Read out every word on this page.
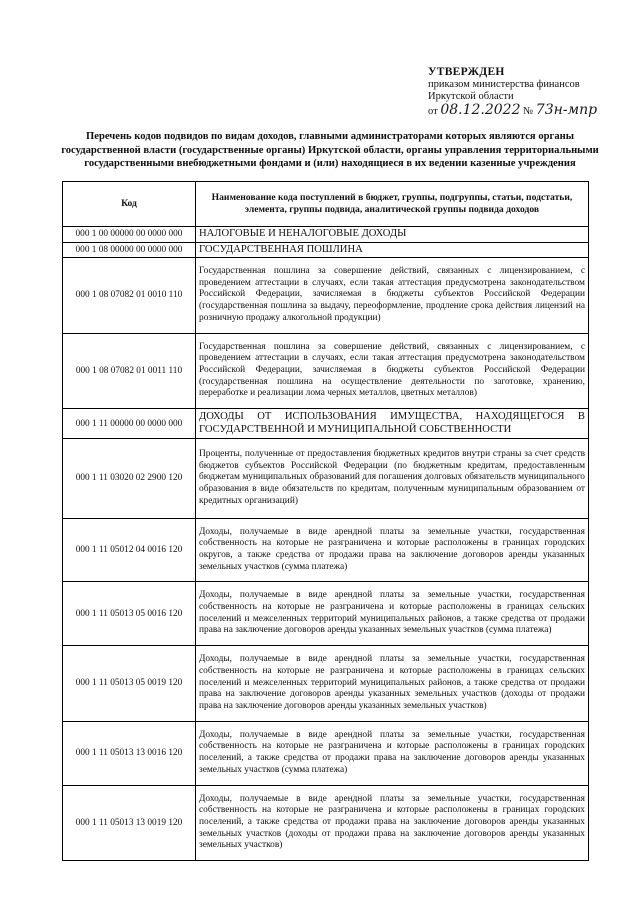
УТВЕРЖДЕН
приказом министерства финансов
Иркутской области
от 08.12.2022 № 73н-мпр
Перечень кодов подвидов по видам доходов, главными администраторами которых являются органы государственной власти (государственные органы) Иркутской области, органы управления территориальными государственными внебюджетными фондами и (или) находящиеся в их ведении казенные учреждения
Код	Наименование кода поступлений в бюджет, группы, подгруппы, статьи, подстатьи, элемента, группы подвида, аналитической группы подвида доходов
000 1 00 00000 00 0000 000	НАЛОГОВЫЕ И НЕНАЛОГОВЫЕ ДОХОДЫ
000 1 08 00000 00 0000 000	ГОСУДАРСТВЕННАЯ ПОШЛИНА
000 1 08 07082 01 0010 110	Государственная пошлина за совершение действий, связанных с лицензированием, с проведением аттестации в случаях, если такая аттестация предусмотрена законодательством Российской Федерации, зачисляемая в бюджеты субъектов Российской Федерации (государственная пошлина за выдачу, переоформление, продление срока действия лицензий на розничную продажу алкогольной продукции)
000 1 08 07082 01 0011 110	Государственная пошлина за совершение действий, связанных с лицензированием, с проведением аттестации в случаях, если такая аттестация предусмотрена законодательством Российской Федерации, зачисляемая в бюджеты субъектов Российской Федерации (государственная пошлина на осуществление деятельности по заготовке, хранению, переработке и реализации лома черных металлов, цветных металлов)
000 1 11 00000 00 0000 000	ДОХОДЫ ОТ ИСПОЛЬЗОВАНИЯ ИМУЩЕСТВА, НАХОДЯЩЕГОСЯ В ГОСУДАРСТВЕННОЙ И МУНИЦИПАЛЬНОЙ СОБСТВЕННОСТИ
000 1 11 03020 02 2900 120	Проценты, полученные от предоставления бюджетных кредитов внутри страны за счет средств бюджетов субъектов Российской Федерации (по бюджетным кредитам, предоставленным бюджетам муниципальных образований для погашения долговых обязательств муниципального образования в виде обязательств по кредитам, полученным муниципальным образованием от кредитных организаций)
000 1 11 05012 04 0016 120	Доходы, получаемые в виде арендной платы за земельные участки, государственная собственность на которые не разграничена и которые расположены в границах городских округов, а также средства от продажи права на заключение договоров аренды указанных земельных участков (сумма платежа)
000 1 11 05013 05 0016 120	Доходы, получаемые в виде арендной платы за земельные участки, государственная собственность на которые не разграничена и которые расположены в границах сельских поселений и межселенных территорий муниципальных районов, а также средства от продажи права на заключение договоров аренды указанных земельных участков (сумма платежа)
000 1 11 05013 05 0019 120	Доходы, получаемые в виде арендной платы за земельные участки, государственная собственность на которые не разграничена и которые расположены в границах сельских поселений и межселенных территорий муниципальных районов, а также средства от продажи права на заключение договоров аренды указанных земельных участков (доходы от продажи права на заключение договоров аренды указанных земельных участков)
000 1 11 05013 13 0016 120	Доходы, получаемые в виде арендной платы за земельные участки, государственная собственность на которые не разграничена и которые расположены в границах городских поселений, а также средства от продажи права на заключение договоров аренды указанных земельных участков (сумма платежа)
000 1 11 05013 13 0019 120	Доходы, получаемые в виде арендной платы за земельные участки, государственная собственность на которые не разграничена и которые расположены в границах городских поселений, а также средства от продажи права на заключение договоров аренды указанных земельных участков (доходы от продажи права на заключение договоров аренды указанных земельных участков)
